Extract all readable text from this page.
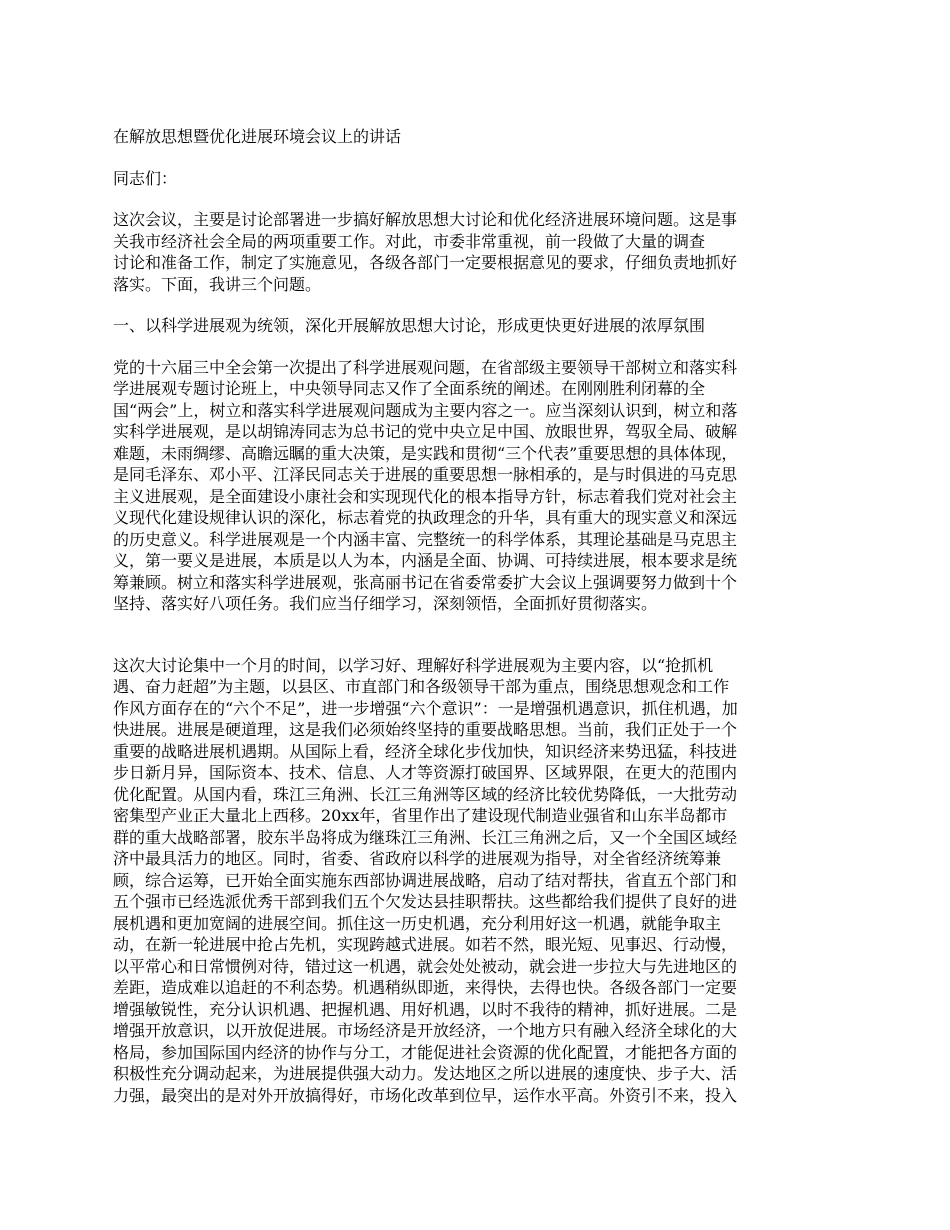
在解放思想暨优化进展环境会议上的讲话

同志们：

这次会议，主要是讨论部署进一步搞好解放思想大讨论和优化经济进展环境问题。这是事

关我市经济社会全局的两项重要工作。对此，市委非常重视，前一段做了大量的调查

讨论和准备工作，制定了实施意见，各级各部门一定要根据意见的要求，仔细负责地抓好

落实。下面，我讲三个问题。

一、以科学进展观为统领，深化开展解放思想大讨论，形成更快更好进展的浓厚氛围

党的十六届三中全会第一次提出了科学进展观问题，在省部级主要领导干部树立和落实科

学进展观专题讨论班上，中央领导同志又作了全面系统的阐述。在刚刚胜利闭幕的全

国“两会”上，树立和落实科学进展观问题成为主要内容之一。应当深刻认识到，树立和落

实科学进展观，是以胡锦涛同志为总书记的党中央立足中国、放眼世界，驾驭全局、破解

难题，未雨绸缪、高瞻远瞩的重大决策，是实践和贯彻“三个代表”重要思想的具体体现，

是同毛泽东、邓小平、江泽民同志关于进展的重要思想一脉相承的，是与时俱进的马克思

主义进展观，是全面建设小康社会和实现现代化的根本指导方针，标志着我们党对社会主

义现代化建设规律认识的深化，标志着党的执政理念的升华，具有重大的现实意义和深远

的历史意义。科学进展观是一个内涵丰富、完整统一的科学体系，其理论基础是马克思主

义，第一要义是进展，本质是以人为本，内涵是全面、协调、可持续进展，根本要求是统

筹兼顾。树立和落实科学进展观，张高丽书记在省委常委扩大会议上强调要努力做到十个

坚持、落实好八项任务。我们应当仔细学习，深刻领悟，全面抓好贯彻落实。

这次大讨论集中一个月的时间，以学习好、理解好科学进展观为主要内容，以“抢抓机

遇、奋力赶超”为主题，以县区、市直部门和各级领导干部为重点，围绕思想观念和工作

作风方面存在的“六个不足”，进一步增强“六个意识”：一是增强机遇意识，抓住机遇，加

快进展。进展是硬道理，这是我们必须始终坚持的重要战略思想。当前，我们正处于一个

重要的战略进展机遇期。从国际上看，经济全球化步伐加快，知识经济来势迅猛，科技进

步日新月异，国际资本、技术、信息、人才等资源打破国界、区域界限，在更大的范围内

优化配置。从国内看，珠江三角洲、长江三角洲等区域的经济比较优势降低，一大批劳动

密集型产业正大量北上西移。20xx年，省里作出了建设现代制造业强省和山东半岛都市

群的重大战略部署，胶东半岛将成为继珠江三角洲、长江三角洲之后，又一个全国区域经

济中最具活力的地区。同时，省委、省政府以科学的进展观为指导，对全省经济统筹兼

顾，综合运筹，已开始全面实施东西部协调进展战略，启动了结对帮扶，省直五个部门和

五个强市已经选派优秀干部到我们五个欠发达县挂职帮扶。这些都给我们提供了良好的进

展机遇和更加宽阔的进展空间。抓住这一历史机遇，充分利用好这一机遇，就能争取主

动，在新一轮进展中抢占先机，实现跨越式进展。如若不然，眼光短、见事迟、行动慢，

以平常心和日常惯例对待，错过这一机遇，就会处处被动，就会进一步拉大与先进地区的

差距，造成难以追赶的不利态势。机遇稍纵即逝，来得快，去得也快。各级各部门一定要

增强敏锐性，充分认识机遇、把握机遇、用好机遇，以时不我待的精神，抓好进展。二是

增强开放意识，以开放促进展。市场经济是开放经济，一个地方只有融入经济全球化的大

格局，参加国际国内经济的协作与分工，才能促进社会资源的优化配置，才能把各方面的

积极性充分调动起来，为进展提供强大动力。发达地区之所以进展的速度快、步子大、活

力强，最突出的是对外开放搞得好，市场化改革到位早，运作水平高。外资引不来，投入
